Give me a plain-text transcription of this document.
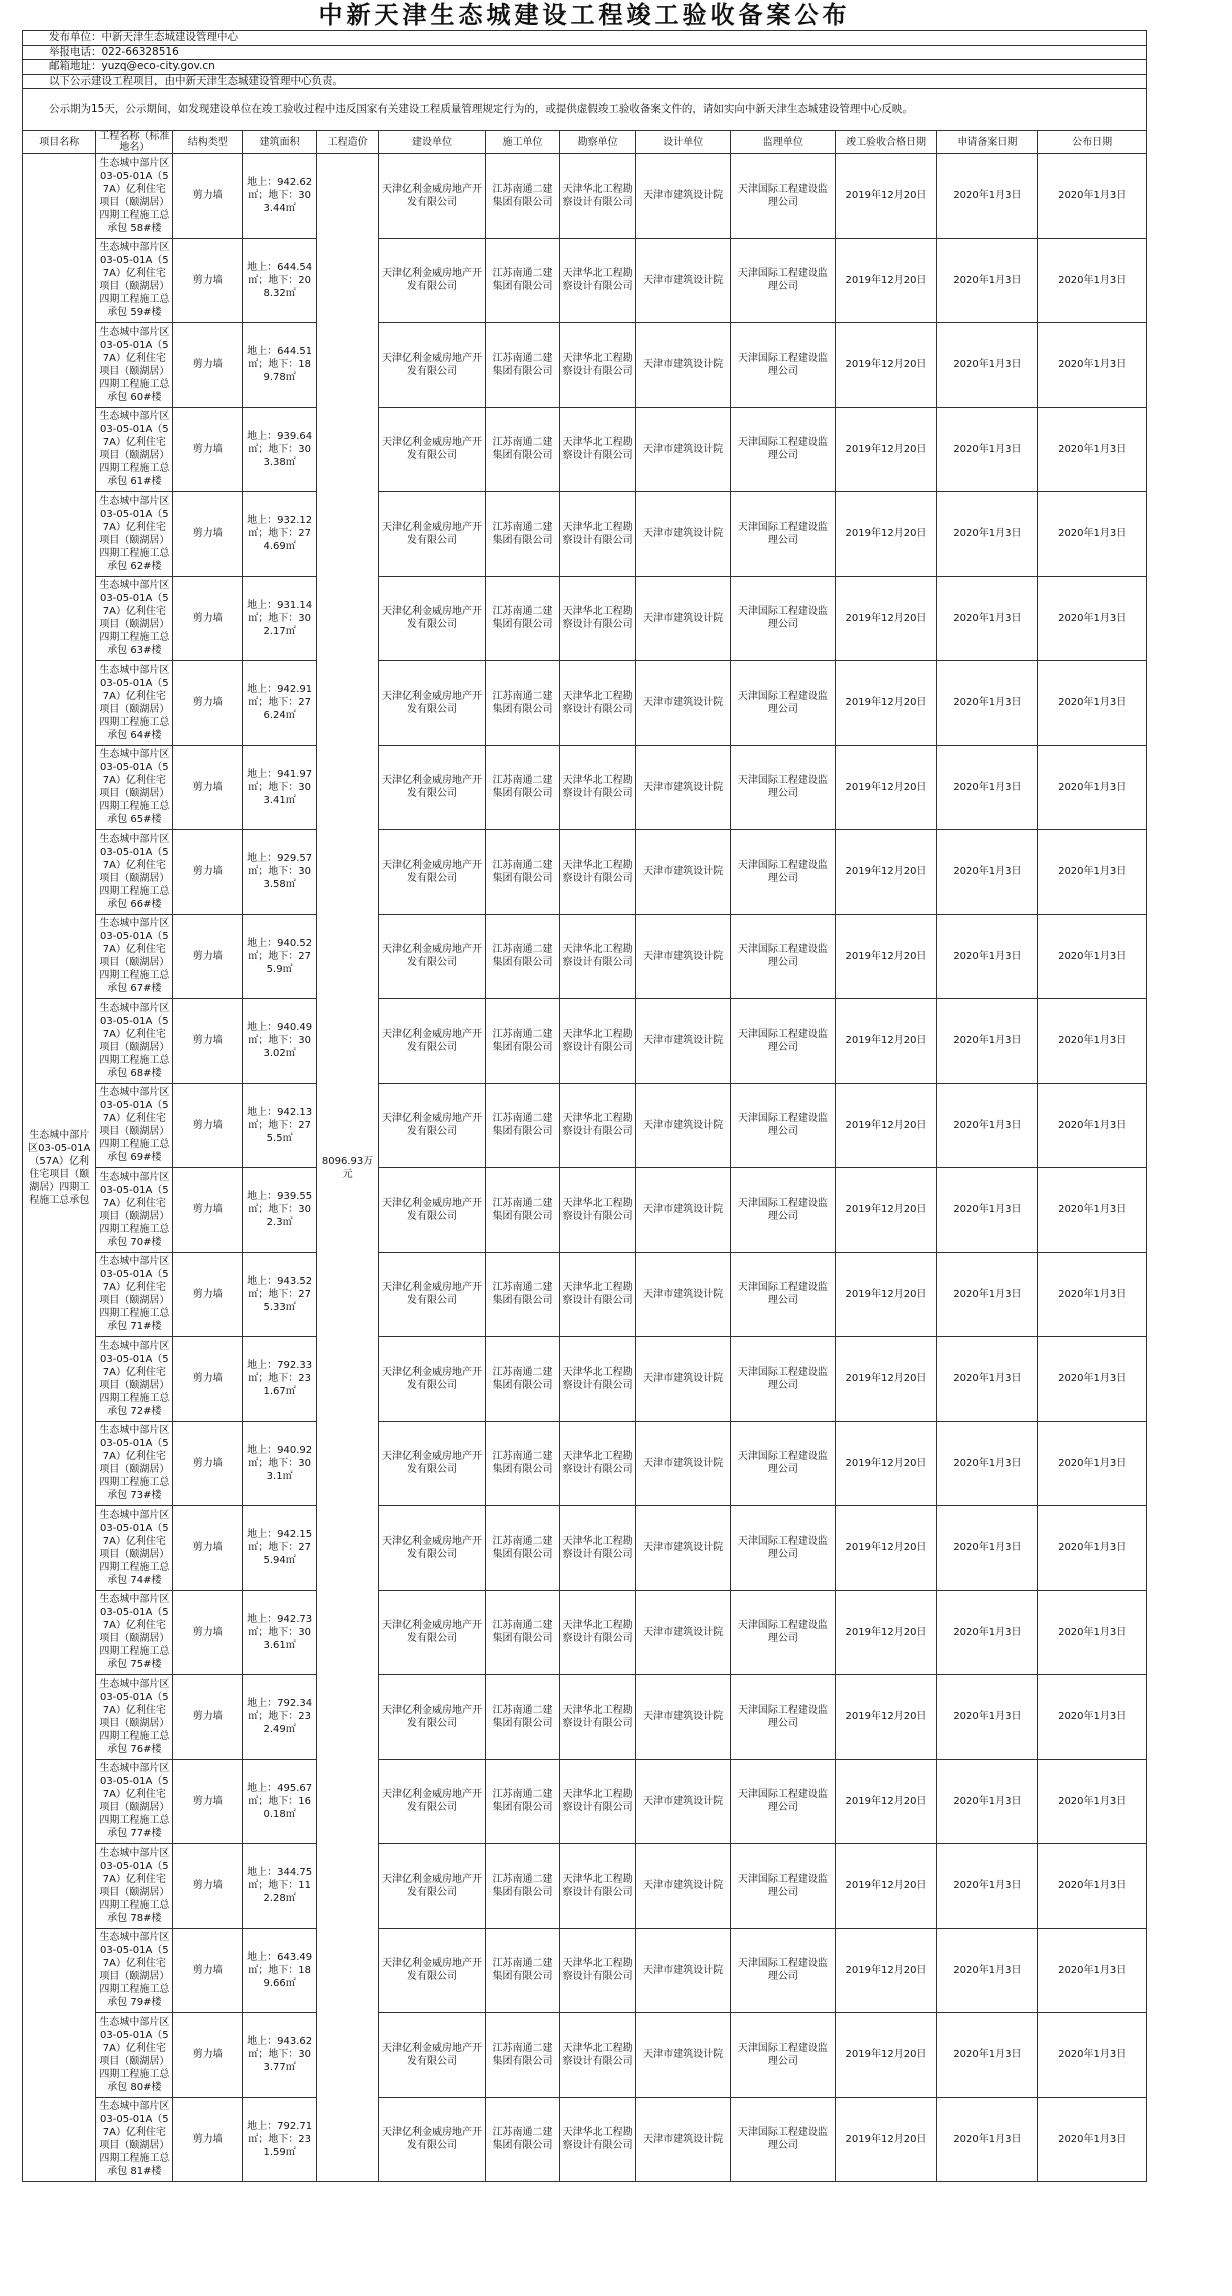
中新天津生态城建设工程竣工验收备案公布
发布单位：中新天津生态城建设管理中心
举报电话：022-66328516
邮箱地址：yuzq@eco-city.gov.cn
以下公示建设工程项目，由中新天津生态城建设管理中心负责。
公示期为15天，公示期间，如发现建设单位在竣工验收过程中违反国家有关建设工程质量管理规定行为的，或提供虚假竣工验收备案文件的，请如实向中新天津生态城建设管理中心反映。
项目名称	工程名称（标准地名）	结构类型	建筑面积	工程造价	建设单位	施工单位	勘察单位	设计单位	监理单位	竣工验收合格日期	申请备案日期	公布日期
生态城中部片区03-05-01A（57A）亿利住宅项目（颐湖居）四期工程施工总承包	生态城中部片区03-05-01A（57A）亿利住宅项目（颐湖居）四期工程施工总承包 58#楼	剪力墙	地上：942.62㎡；地下：303.44㎡	8096.93万元	天津亿利金威房地产开发有限公司	江苏南通二建集团有限公司	天津华北工程勘察设计有限公司	天津市建筑设计院	天津国际工程建设监理公司	2019年12月20日	2020年1月3日	2020年1月3日
	生态城中部片区03-05-01A（57A）亿利住宅项目（颐湖居）四期工程施工总承包 59#楼	剪力墙	地上：644.54㎡；地下：208.32㎡		天津亿利金威房地产开发有限公司	江苏南通二建集团有限公司	天津华北工程勘察设计有限公司	天津市建筑设计院	天津国际工程建设监理公司	2019年12月20日	2020年1月3日	2020年1月3日
	生态城中部片区03-05-01A（57A）亿利住宅项目（颐湖居）四期工程施工总承包 60#楼	剪力墙	地上：644.51㎡；地下：189.78㎡		天津亿利金威房地产开发有限公司	江苏南通二建集团有限公司	天津华北工程勘察设计有限公司	天津市建筑设计院	天津国际工程建设监理公司	2019年12月20日	2020年1月3日	2020年1月3日
	生态城中部片区03-05-01A（57A）亿利住宅项目（颐湖居）四期工程施工总承包 61#楼	剪力墙	地上：939.64㎡；地下：303.38㎡		天津亿利金威房地产开发有限公司	江苏南通二建集团有限公司	天津华北工程勘察设计有限公司	天津市建筑设计院	天津国际工程建设监理公司	2019年12月20日	2020年1月3日	2020年1月3日
	生态城中部片区03-05-01A（57A）亿利住宅项目（颐湖居）四期工程施工总承包 62#楼	剪力墙	地上：932.12㎡；地下：274.69㎡		天津亿利金威房地产开发有限公司	江苏南通二建集团有限公司	天津华北工程勘察设计有限公司	天津市建筑设计院	天津国际工程建设监理公司	2019年12月20日	2020年1月3日	2020年1月3日
	生态城中部片区03-05-01A（57A）亿利住宅项目（颐湖居）四期工程施工总承包 63#楼	剪力墙	地上：931.14㎡；地下：302.17㎡		天津亿利金威房地产开发有限公司	江苏南通二建集团有限公司	天津华北工程勘察设计有限公司	天津市建筑设计院	天津国际工程建设监理公司	2019年12月20日	2020年1月3日	2020年1月3日
	生态城中部片区03-05-01A（57A）亿利住宅项目（颐湖居）四期工程施工总承包 64#楼	剪力墙	地上：942.91㎡；地下：276.24㎡		天津亿利金威房地产开发有限公司	江苏南通二建集团有限公司	天津华北工程勘察设计有限公司	天津市建筑设计院	天津国际工程建设监理公司	2019年12月20日	2020年1月3日	2020年1月3日
	生态城中部片区03-05-01A（57A）亿利住宅项目（颐湖居）四期工程施工总承包 65#楼	剪力墙	地上：941.97㎡；地下：303.41㎡		天津亿利金威房地产开发有限公司	江苏南通二建集团有限公司	天津华北工程勘察设计有限公司	天津市建筑设计院	天津国际工程建设监理公司	2019年12月20日	2020年1月3日	2020年1月3日
	生态城中部片区03-05-01A（57A）亿利住宅项目（颐湖居）四期工程施工总承包 66#楼	剪力墙	地上：929.57㎡；地下：303.58㎡		天津亿利金威房地产开发有限公司	江苏南通二建集团有限公司	天津华北工程勘察设计有限公司	天津市建筑设计院	天津国际工程建设监理公司	2019年12月20日	2020年1月3日	2020年1月3日
	生态城中部片区03-05-01A（57A）亿利住宅项目（颐湖居）四期工程施工总承包 67#楼	剪力墙	地上：940.52㎡；地下：275.9㎡		天津亿利金威房地产开发有限公司	江苏南通二建集团有限公司	天津华北工程勘察设计有限公司	天津市建筑设计院	天津国际工程建设监理公司	2019年12月20日	2020年1月3日	2020年1月3日
	生态城中部片区03-05-01A（57A）亿利住宅项目（颐湖居）四期工程施工总承包 68#楼	剪力墙	地上：940.49㎡；地下：303.02㎡		天津亿利金威房地产开发有限公司	江苏南通二建集团有限公司	天津华北工程勘察设计有限公司	天津市建筑设计院	天津国际工程建设监理公司	2019年12月20日	2020年1月3日	2020年1月3日
	生态城中部片区03-05-01A（57A）亿利住宅项目（颐湖居）四期工程施工总承包 69#楼	剪力墙	地上：942.13㎡；地下：275.5㎡		天津亿利金威房地产开发有限公司	江苏南通二建集团有限公司	天津华北工程勘察设计有限公司	天津市建筑设计院	天津国际工程建设监理公司	2019年12月20日	2020年1月3日	2020年1月3日
	生态城中部片区03-05-01A（57A）亿利住宅项目（颐湖居）四期工程施工总承包 70#楼	剪力墙	地上：939.55㎡；地下：302.3㎡		天津亿利金威房地产开发有限公司	江苏南通二建集团有限公司	天津华北工程勘察设计有限公司	天津市建筑设计院	天津国际工程建设监理公司	2019年12月20日	2020年1月3日	2020年1月3日
	生态城中部片区03-05-01A（57A）亿利住宅项目（颐湖居）四期工程施工总承包 71#楼	剪力墙	地上：943.52㎡；地下：275.33㎡		天津亿利金威房地产开发有限公司	江苏南通二建集团有限公司	天津华北工程勘察设计有限公司	天津市建筑设计院	天津国际工程建设监理公司	2019年12月20日	2020年1月3日	2020年1月3日
	生态城中部片区03-05-01A（57A）亿利住宅项目（颐湖居）四期工程施工总承包 72#楼	剪力墙	地上：792.33㎡；地下：231.67㎡		天津亿利金威房地产开发有限公司	江苏南通二建集团有限公司	天津华北工程勘察设计有限公司	天津市建筑设计院	天津国际工程建设监理公司	2019年12月20日	2020年1月3日	2020年1月3日
	生态城中部片区03-05-01A（57A）亿利住宅项目（颐湖居）四期工程施工总承包 73#楼	剪力墙	地上：940.92㎡；地下：303.1㎡		天津亿利金威房地产开发有限公司	江苏南通二建集团有限公司	天津华北工程勘察设计有限公司	天津市建筑设计院	天津国际工程建设监理公司	2019年12月20日	2020年1月3日	2020年1月3日
	生态城中部片区03-05-01A（57A）亿利住宅项目（颐湖居）四期工程施工总承包 74#楼	剪力墙	地上：942.15㎡；地下：275.94㎡		天津亿利金威房地产开发有限公司	江苏南通二建集团有限公司	天津华北工程勘察设计有限公司	天津市建筑设计院	天津国际工程建设监理公司	2019年12月20日	2020年1月3日	2020年1月3日
	生态城中部片区03-05-01A（57A）亿利住宅项目（颐湖居）四期工程施工总承包 75#楼	剪力墙	地上：942.73㎡；地下：303.61㎡		天津亿利金威房地产开发有限公司	江苏南通二建集团有限公司	天津华北工程勘察设计有限公司	天津市建筑设计院	天津国际工程建设监理公司	2019年12月20日	2020年1月3日	2020年1月3日
	生态城中部片区03-05-01A（57A）亿利住宅项目（颐湖居）四期工程施工总承包 76#楼	剪力墙	地上：792.34㎡；地下：232.49㎡		天津亿利金威房地产开发有限公司	江苏南通二建集团有限公司	天津华北工程勘察设计有限公司	天津市建筑设计院	天津国际工程建设监理公司	2019年12月20日	2020年1月3日	2020年1月3日
	生态城中部片区03-05-01A（57A）亿利住宅项目（颐湖居）四期工程施工总承包 77#楼	剪力墙	地上：495.67㎡；地下：160.18㎡		天津亿利金威房地产开发有限公司	江苏南通二建集团有限公司	天津华北工程勘察设计有限公司	天津市建筑设计院	天津国际工程建设监理公司	2019年12月20日	2020年1月3日	2020年1月3日
	生态城中部片区03-05-01A（57A）亿利住宅项目（颐湖居）四期工程施工总承包 78#楼	剪力墙	地上：344.75㎡；地下：112.28㎡		天津亿利金威房地产开发有限公司	江苏南通二建集团有限公司	天津华北工程勘察设计有限公司	天津市建筑设计院	天津国际工程建设监理公司	2019年12月20日	2020年1月3日	2020年1月3日
	生态城中部片区03-05-01A（57A）亿利住宅项目（颐湖居）四期工程施工总承包 79#楼	剪力墙	地上：643.49㎡；地下：189.66㎡		天津亿利金威房地产开发有限公司	江苏南通二建集团有限公司	天津华北工程勘察设计有限公司	天津市建筑设计院	天津国际工程建设监理公司	2019年12月20日	2020年1月3日	2020年1月3日
	生态城中部片区03-05-01A（57A）亿利住宅项目（颐湖居）四期工程施工总承包 80#楼	剪力墙	地上：943.62㎡；地下：303.77㎡		天津亿利金威房地产开发有限公司	江苏南通二建集团有限公司	天津华北工程勘察设计有限公司	天津市建筑设计院	天津国际工程建设监理公司	2019年12月20日	2020年1月3日	2020年1月3日
	生态城中部片区03-05-01A（57A）亿利住宅项目（颐湖居）四期工程施工总承包 81#楼	剪力墙	地上：792.71㎡；地下：231.59㎡		天津亿利金威房地产开发有限公司	江苏南通二建集团有限公司	天津华北工程勘察设计有限公司	天津市建筑设计院	天津国际工程建设监理公司	2019年12月20日	2020年1月3日	2020年1月3日
